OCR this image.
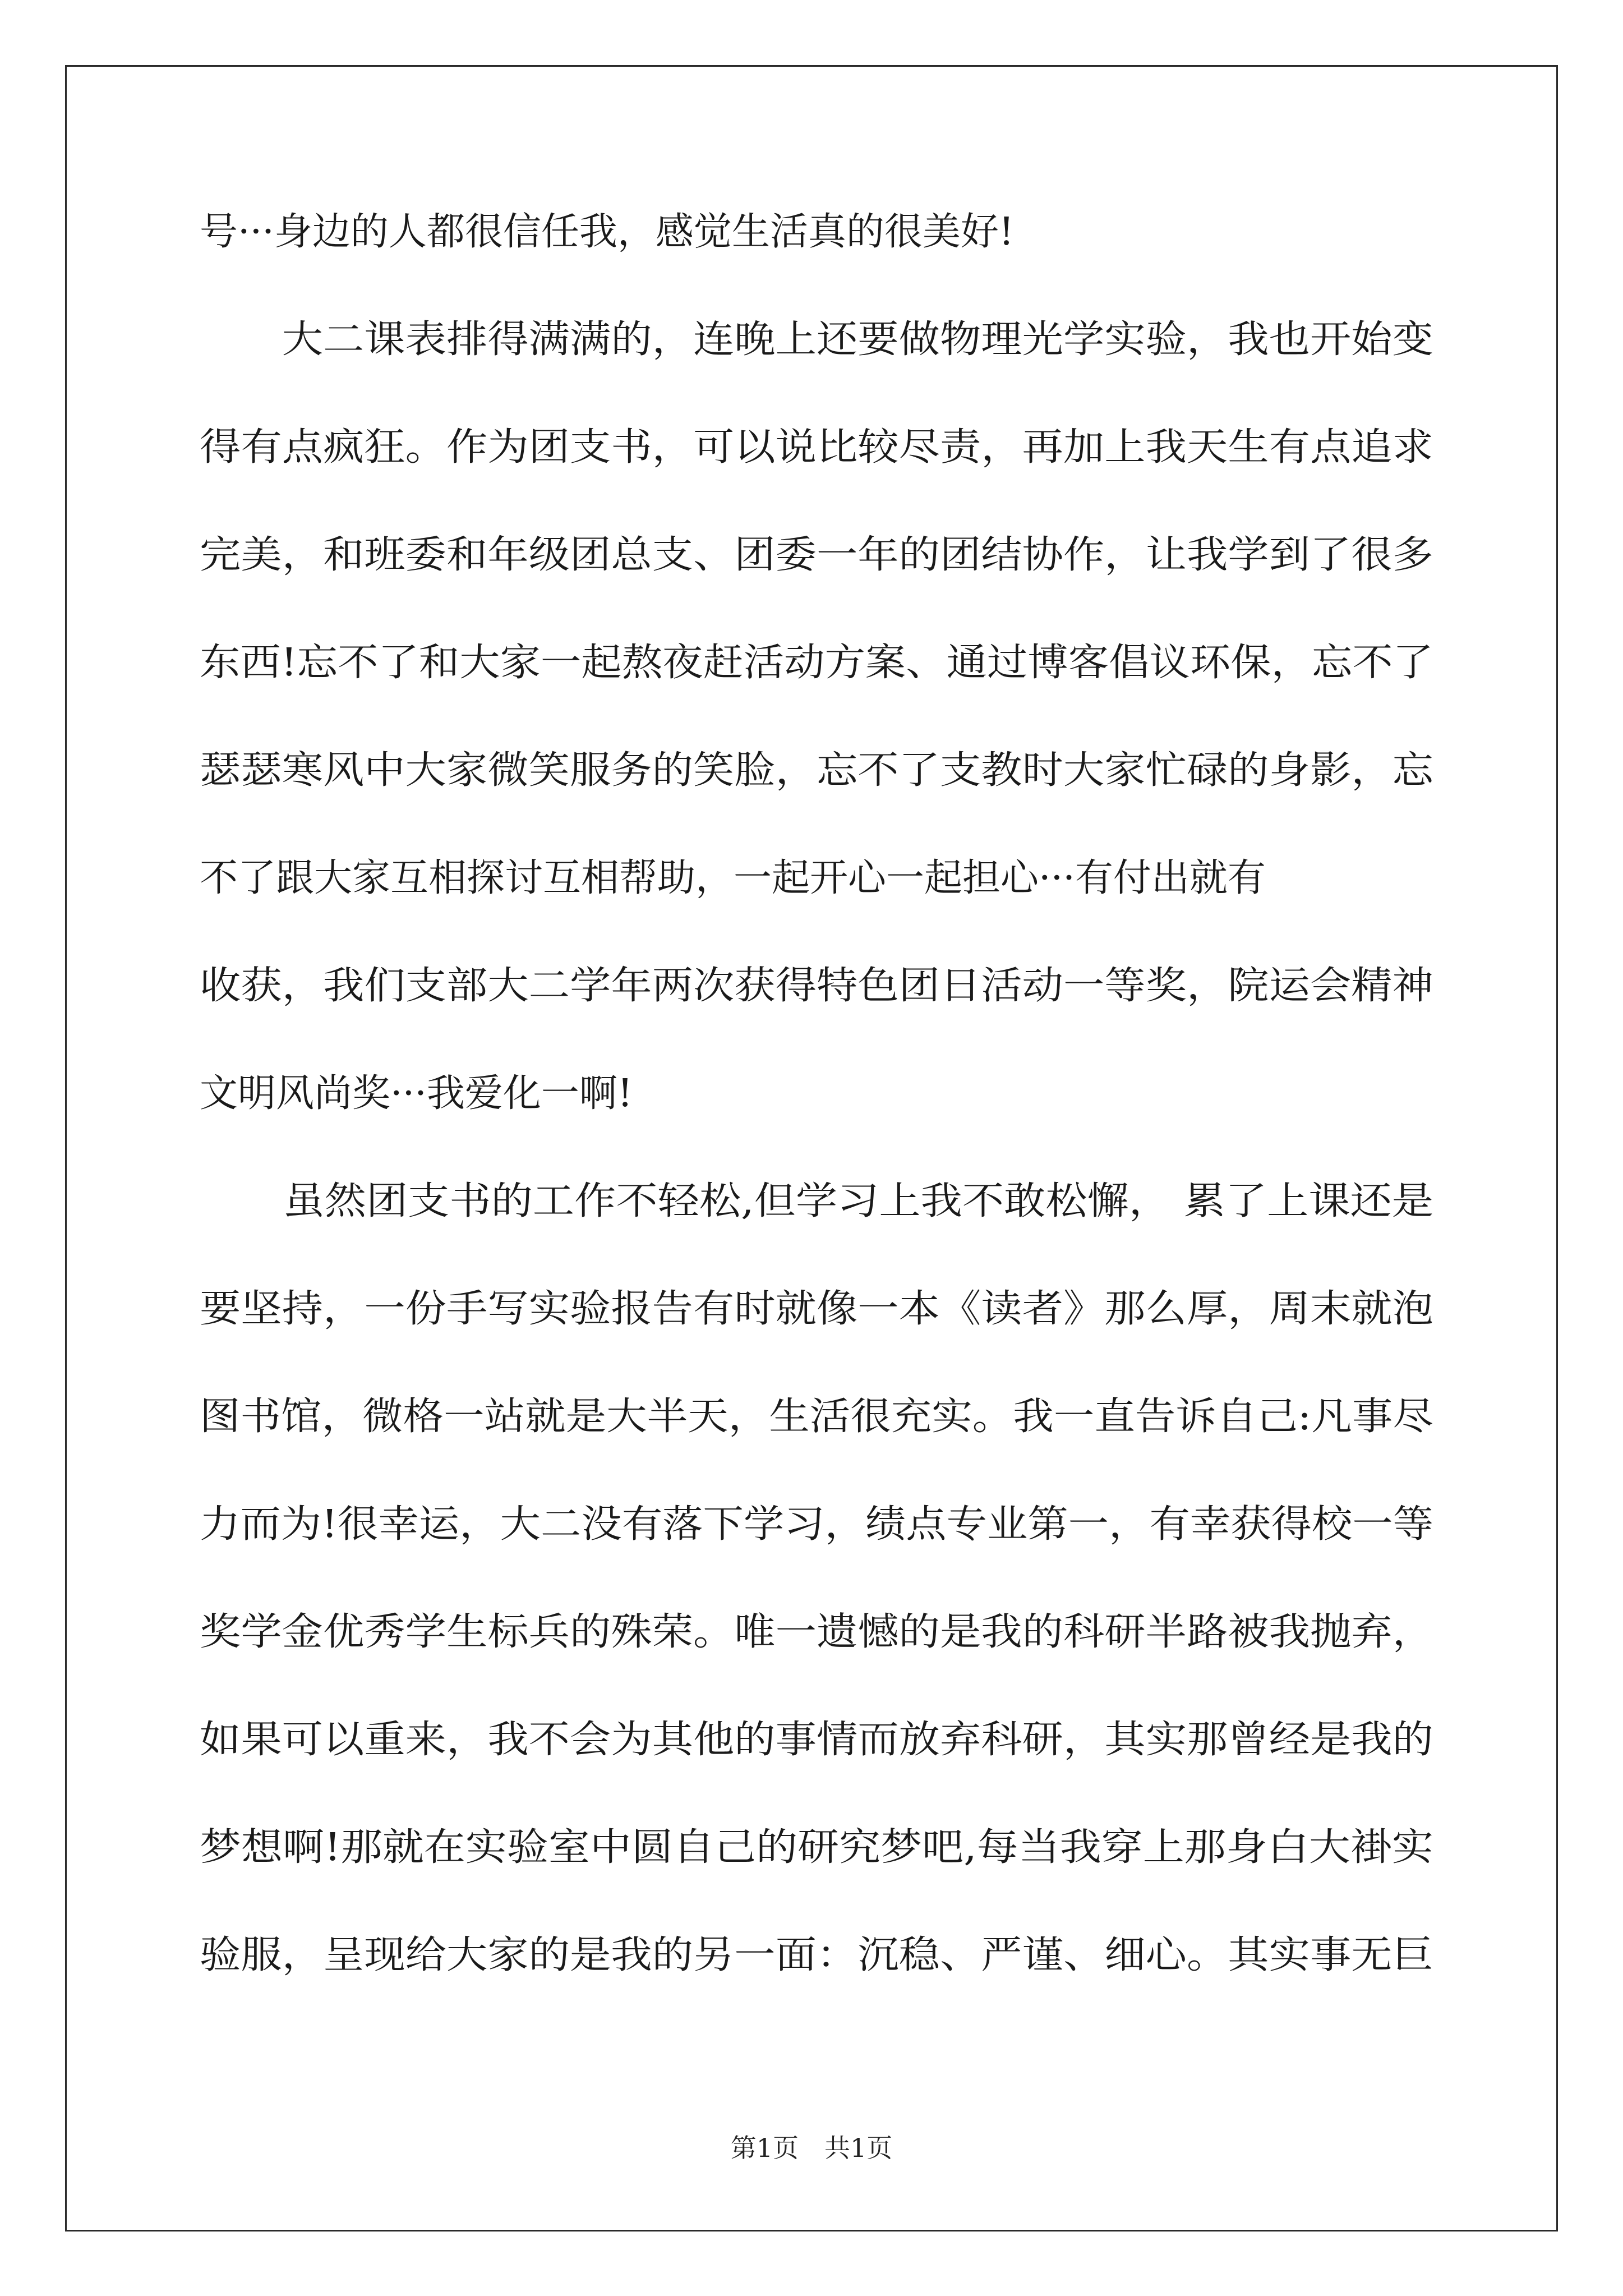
号···身边的人都很信任我，感觉生活真的很美好!
　　大二课表排得满满的，连晚上还要做物理光学实验，我也开始变
得有点疯狂。作为团支书，可以说比较尽责，再加上我天生有点追求
完美，和班委和年级团总支、团委一年的团结协作，让我学到了很多
东西!忘不了和大家一起熬夜赶活动方案、通过博客倡议环保，忘不了
瑟瑟寒风中大家微笑服务的笑脸，忘不了支教时大家忙碌的身影，忘
不了跟大家互相探讨互相帮助，一起开心一起担心···有付出就有
收获，我们支部大二学年两次获得特色团日活动一等奖，院运会精神
文明风尚奖···我爱化一啊!
　　虽然团支书的工作不轻松,但学习上我不敢松懈， 累了上课还是
要坚持，一份手写实验报告有时就像一本《读者》那么厚，周末就泡
图书馆，微格一站就是大半天，生活很充实。我一直告诉自己:凡事尽
力而为!很幸运，大二没有落下学习，绩点专业第一，有幸获得校一等
奖学金优秀学生标兵的殊荣。唯一遗憾的是我的科研半路被我抛弃，
如果可以重来，我不会为其他的事情而放弃科研，其实那曾经是我的
梦想啊!那就在实验室中圆自己的研究梦吧,每当我穿上那身白大褂实
验服，呈现给大家的是我的另一面：沉稳、严谨、细心。其实事无巨
第1页　共1页
